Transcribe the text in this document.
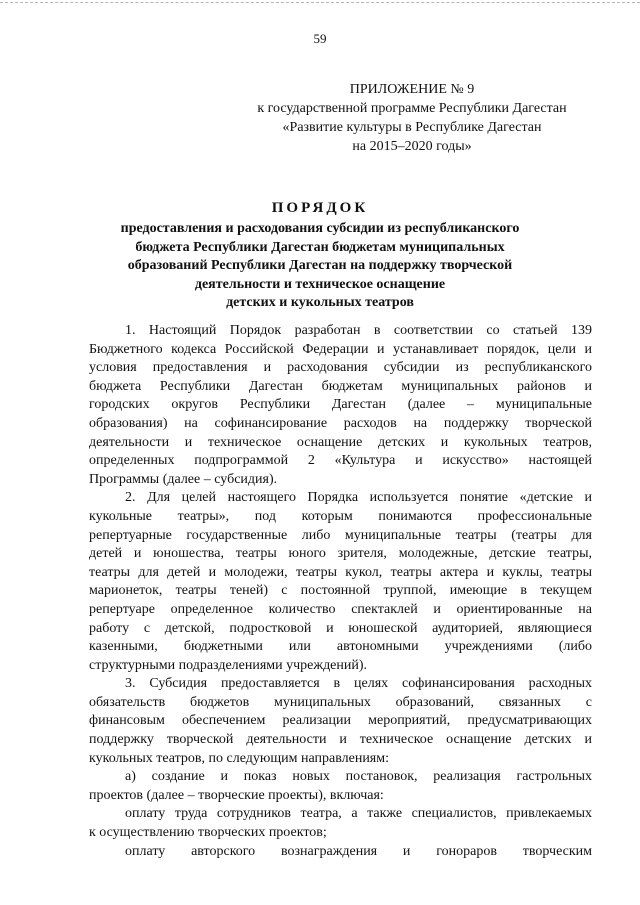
59
ПРИЛОЖЕНИЕ № 9
к государственной программе Республики Дагестан
«Развитие культуры в Республике Дагестан
на 2015–2020 годы»
ПОРЯДОК
предоставления и расходования субсидии из республиканского
бюджета Республики Дагестан бюджетам муниципальных
образований Республики Дагестан на поддержку творческой
деятельности и техническое оснащение
детских и кукольных театров
1. Настоящий Порядок разработан в соответствии со статьей 139
Бюджетного кодекса Российской Федерации и устанавливает порядок, цели и
условия предоставления и расходования субсидии из республиканского
бюджета Республики Дагестан бюджетам муниципальных районов и
городских округов Республики Дагестан (далее – муниципальные
образования) на софинансирование расходов на поддержку творческой
деятельности и техническое оснащение детских и кукольных театров,
определенных подпрограммой 2 «Культура и искусство» настоящей
Программы (далее – субсидия).
2. Для целей настоящего Порядка используется понятие «детские и
кукольные театры», под которым понимаются профессиональные
репертуарные государственные либо муниципальные театры (театры для
детей и юношества, театры юного зрителя, молодежные, детские театры,
театры для детей и молодежи, театры кукол, театры актера и куклы, театры
марионеток, театры теней) с постоянной труппой, имеющие в текущем
репертуаре определенное количество спектаклей и ориентированные на
работу с детской, подростковой и юношеской аудиторией, являющиеся
казенными, бюджетными или автономными учреждениями (либо
структурными подразделениями учреждений).
3. Субсидия предоставляется в целях софинансирования расходных
обязательств бюджетов муниципальных образований, связанных с
финансовым обеспечением реализации мероприятий, предусматривающих
поддержку творческой деятельности и техническое оснащение детских и
кукольных театров, по следующим направлениям:
а) создание и показ новых постановок, реализация гастрольных
проектов (далее – творческие проекты), включая:
оплату труда сотрудников театра, а также специалистов, привлекаемых
к осуществлению творческих проектов;
оплату авторского вознаграждения и гонораров творческим
